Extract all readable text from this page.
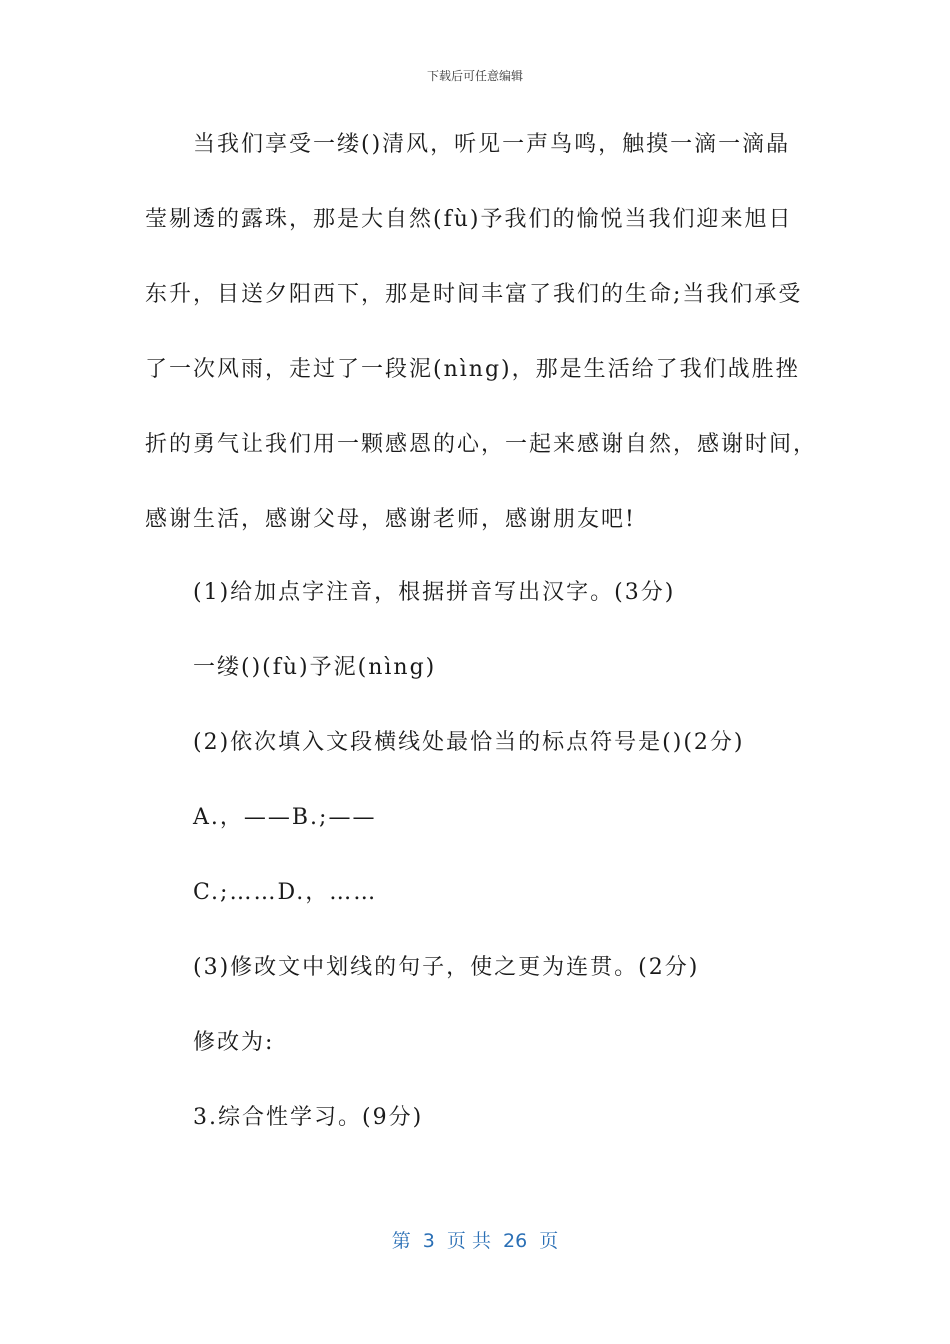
下载后可任意编辑
当我们享受一缕()清风，听见一声鸟鸣，触摸一滴一滴晶
莹剔透的露珠，那是大自然(fù)予我们的愉悦当我们迎来旭日
东升，目送夕阳西下，那是时间丰富了我们的生命;当我们承受
了一次风雨，走过了一段泥(nìng)，那是生活给了我们战胜挫
折的勇气让我们用一颗感恩的心，一起来感谢自然，感谢时间，
感谢生活，感谢父母，感谢老师，感谢朋友吧!
(1)给加点字注音，根据拼音写出汉字。(3分)
一缕()(fù)予泥(nìng)
(2)依次填入文段横线处最恰当的标点符号是()(2分)
A.，——B.;——
C.;……D.，……
(3)修改文中划线的句子，使之更为连贯。(2分)
修改为:
3.综合性学习。(9分)
第  3  页 共  26  页
